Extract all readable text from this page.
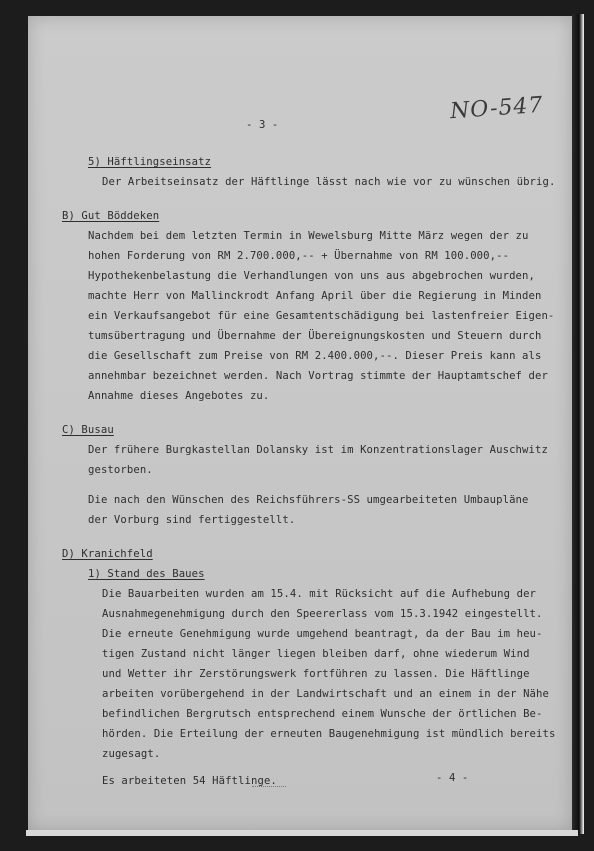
NO-547
- 3 -
5) Häftlingseinsatz
Der Arbeitseinsatz der Häftlinge lässt nach wie vor zu wünschen übrig.
B) Gut Böddeken
Nachdem bei dem letzten Termin in Wewelsburg Mitte März wegen der zu
hohen Forderung von RM 2.700.000,-- + Übernahme von RM 100.000,--
Hypothekenbelastung die Verhandlungen von uns aus abgebrochen wurden,
machte Herr von Mallinckrodt Anfang April über die Regierung in Minden
ein Verkaufsangebot für eine Gesamtentschädigung bei lastenfreier Eigen-
tumsübertragung und Übernahme der Übereignungskosten und Steuern durch
die Gesellschaft zum Preise von RM 2.400.000,--. Dieser Preis kann als
annehmbar bezeichnet werden. Nach Vortrag stimmte der Hauptamtschef der
Annahme dieses Angebotes zu.
C) Busau
Der frühere Burgkastellan Dolansky ist im Konzentrationslager Auschwitz
gestorben.
Die nach den Wünschen des Reichsführers-SS umgearbeiteten Umbaupläne
der Vorburg sind fertiggestellt.
D) Kranichfeld
1) Stand des Baues
Die Bauarbeiten wurden am 15.4. mit Rücksicht auf die Aufhebung der
Ausnahmegenehmigung durch den Speererlass vom 15.3.1942 eingestellt.
Die erneute Genehmigung wurde umgehend beantragt, da der Bau im heu-
tigen Zustand nicht länger liegen bleiben darf, ohne wiederum Wind
und Wetter ihr Zerstörungswerk fortführen zu lassen. Die Häftlinge
arbeiten vorübergehend in der Landwirtschaft und an einem in der Nähe
befindlichen Bergrutsch entsprechend einem Wunsche der örtlichen Be-
hörden. Die Erteilung der erneuten Baugenehmigung ist mündlich bereits
zugesagt.
Es arbeiteten 54 Häftlinge.	- 4 -
